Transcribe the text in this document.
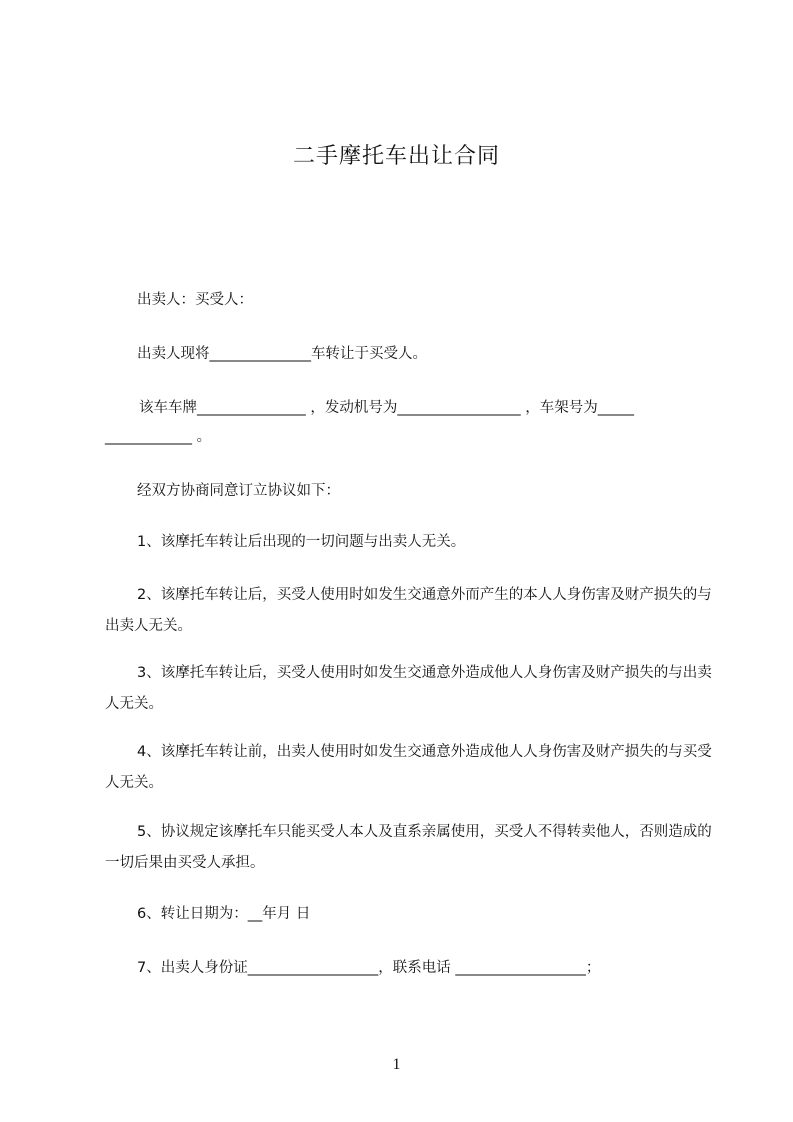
二手摩托车出让合同

出卖人：买受人：

出卖人现将______________车转让于买受人。

该车车牌_______________ ，发动机号为_________________ ，车架号为_____

____________ 。

经双方协商同意订立协议如下：

1、该摩托车转让后出现的一切问题与出卖人无关。

2、该摩托车转让后，买受人使用时如发生交通意外而产生的本人人身伤害及财产损失的与出卖人无关。

3、该摩托车转让后，买受人使用时如发生交通意外造成他人人身伤害及财产损失的与出卖人无关。

4、该摩托车转让前，出卖人使用时如发生交通意外造成他人人身伤害及财产损失的与买受人无关。

5、协议规定该摩托车只能买受人本人及直系亲属使用，买受人不得转卖他人，否则造成的一切后果由买受人承担。

6、转让日期为：__年月 日

7、出卖人身份证__________________，联系电话 __________________；

1
